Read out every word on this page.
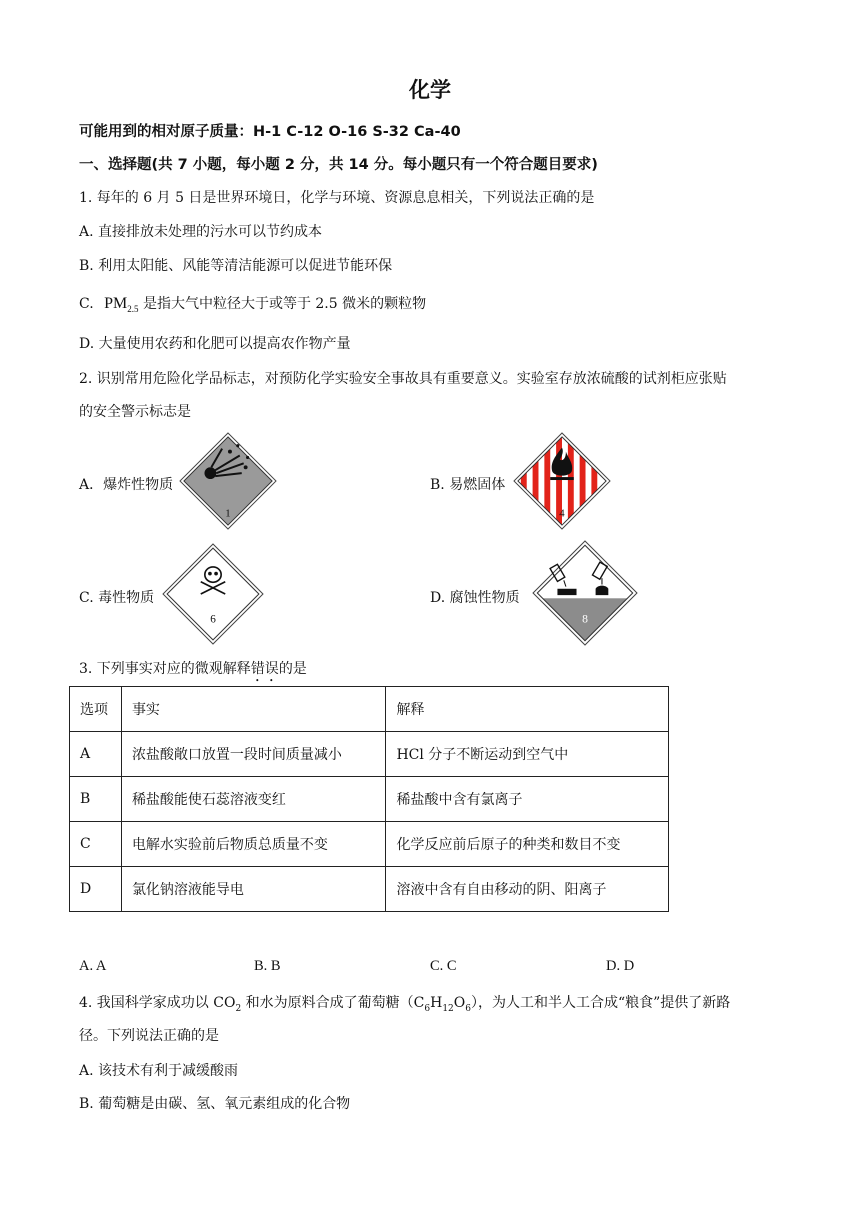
化学
可能用到的相对原子质量：H-1 C-12 O-16 S-32 Ca-40
一、选择题(共 7 小题，每小题 2 分，共 14 分。每小题只有一个符合题目要求)
1. 每年的 6 月 5 日是世界环境日，化学与环境、资源息息相关，下列说法正确的是
A. 直接排放未处理的污水可以节约成本
B. 利用太阳能、风能等清洁能源可以促进节能环保
C. $PM_{2.5}$ 是指大气中粒径大于或等于 2.5 微米的颗粒物
D. 大量使用农药和化肥可以提高农作物产量
2. 识别常用危险化学品标志，对预防化学实验安全事故具有重要意义。实验室存放浓硫酸的试剂柜应张贴
的安全警示标志是
A．爆炸性物质	B. 易燃固体
C. 毒性物质	D. 腐蚀性物质
1	4
6	8
3. 下列事实对应的微观解释错误的是
选项	事实	解释
A	浓盐酸敞口放置一段时间质量减小	HCl 分子不断运动到空气中
B	稀盐酸能使石蕊溶液变红	稀盐酸中含有氯离子
C	电解水实验前后物质总质量不变	化学反应前后原子的种类和数目不变
D	氯化钠溶液能导电	溶液中含有自由移动的阴、阳离子
A. A	B. B	C. C	D. D
4. 我国科学家成功以 $CO_2$ 和水为原料合成了葡萄糖$(C_6H_{12}O_6)$，为人工和半人工合成“粮食”提供了新路
径。下列说法正确的是
A. 该技术有利于减缓酸雨
B. 葡萄糖是由碳、氢、氧元素组成的化合物
